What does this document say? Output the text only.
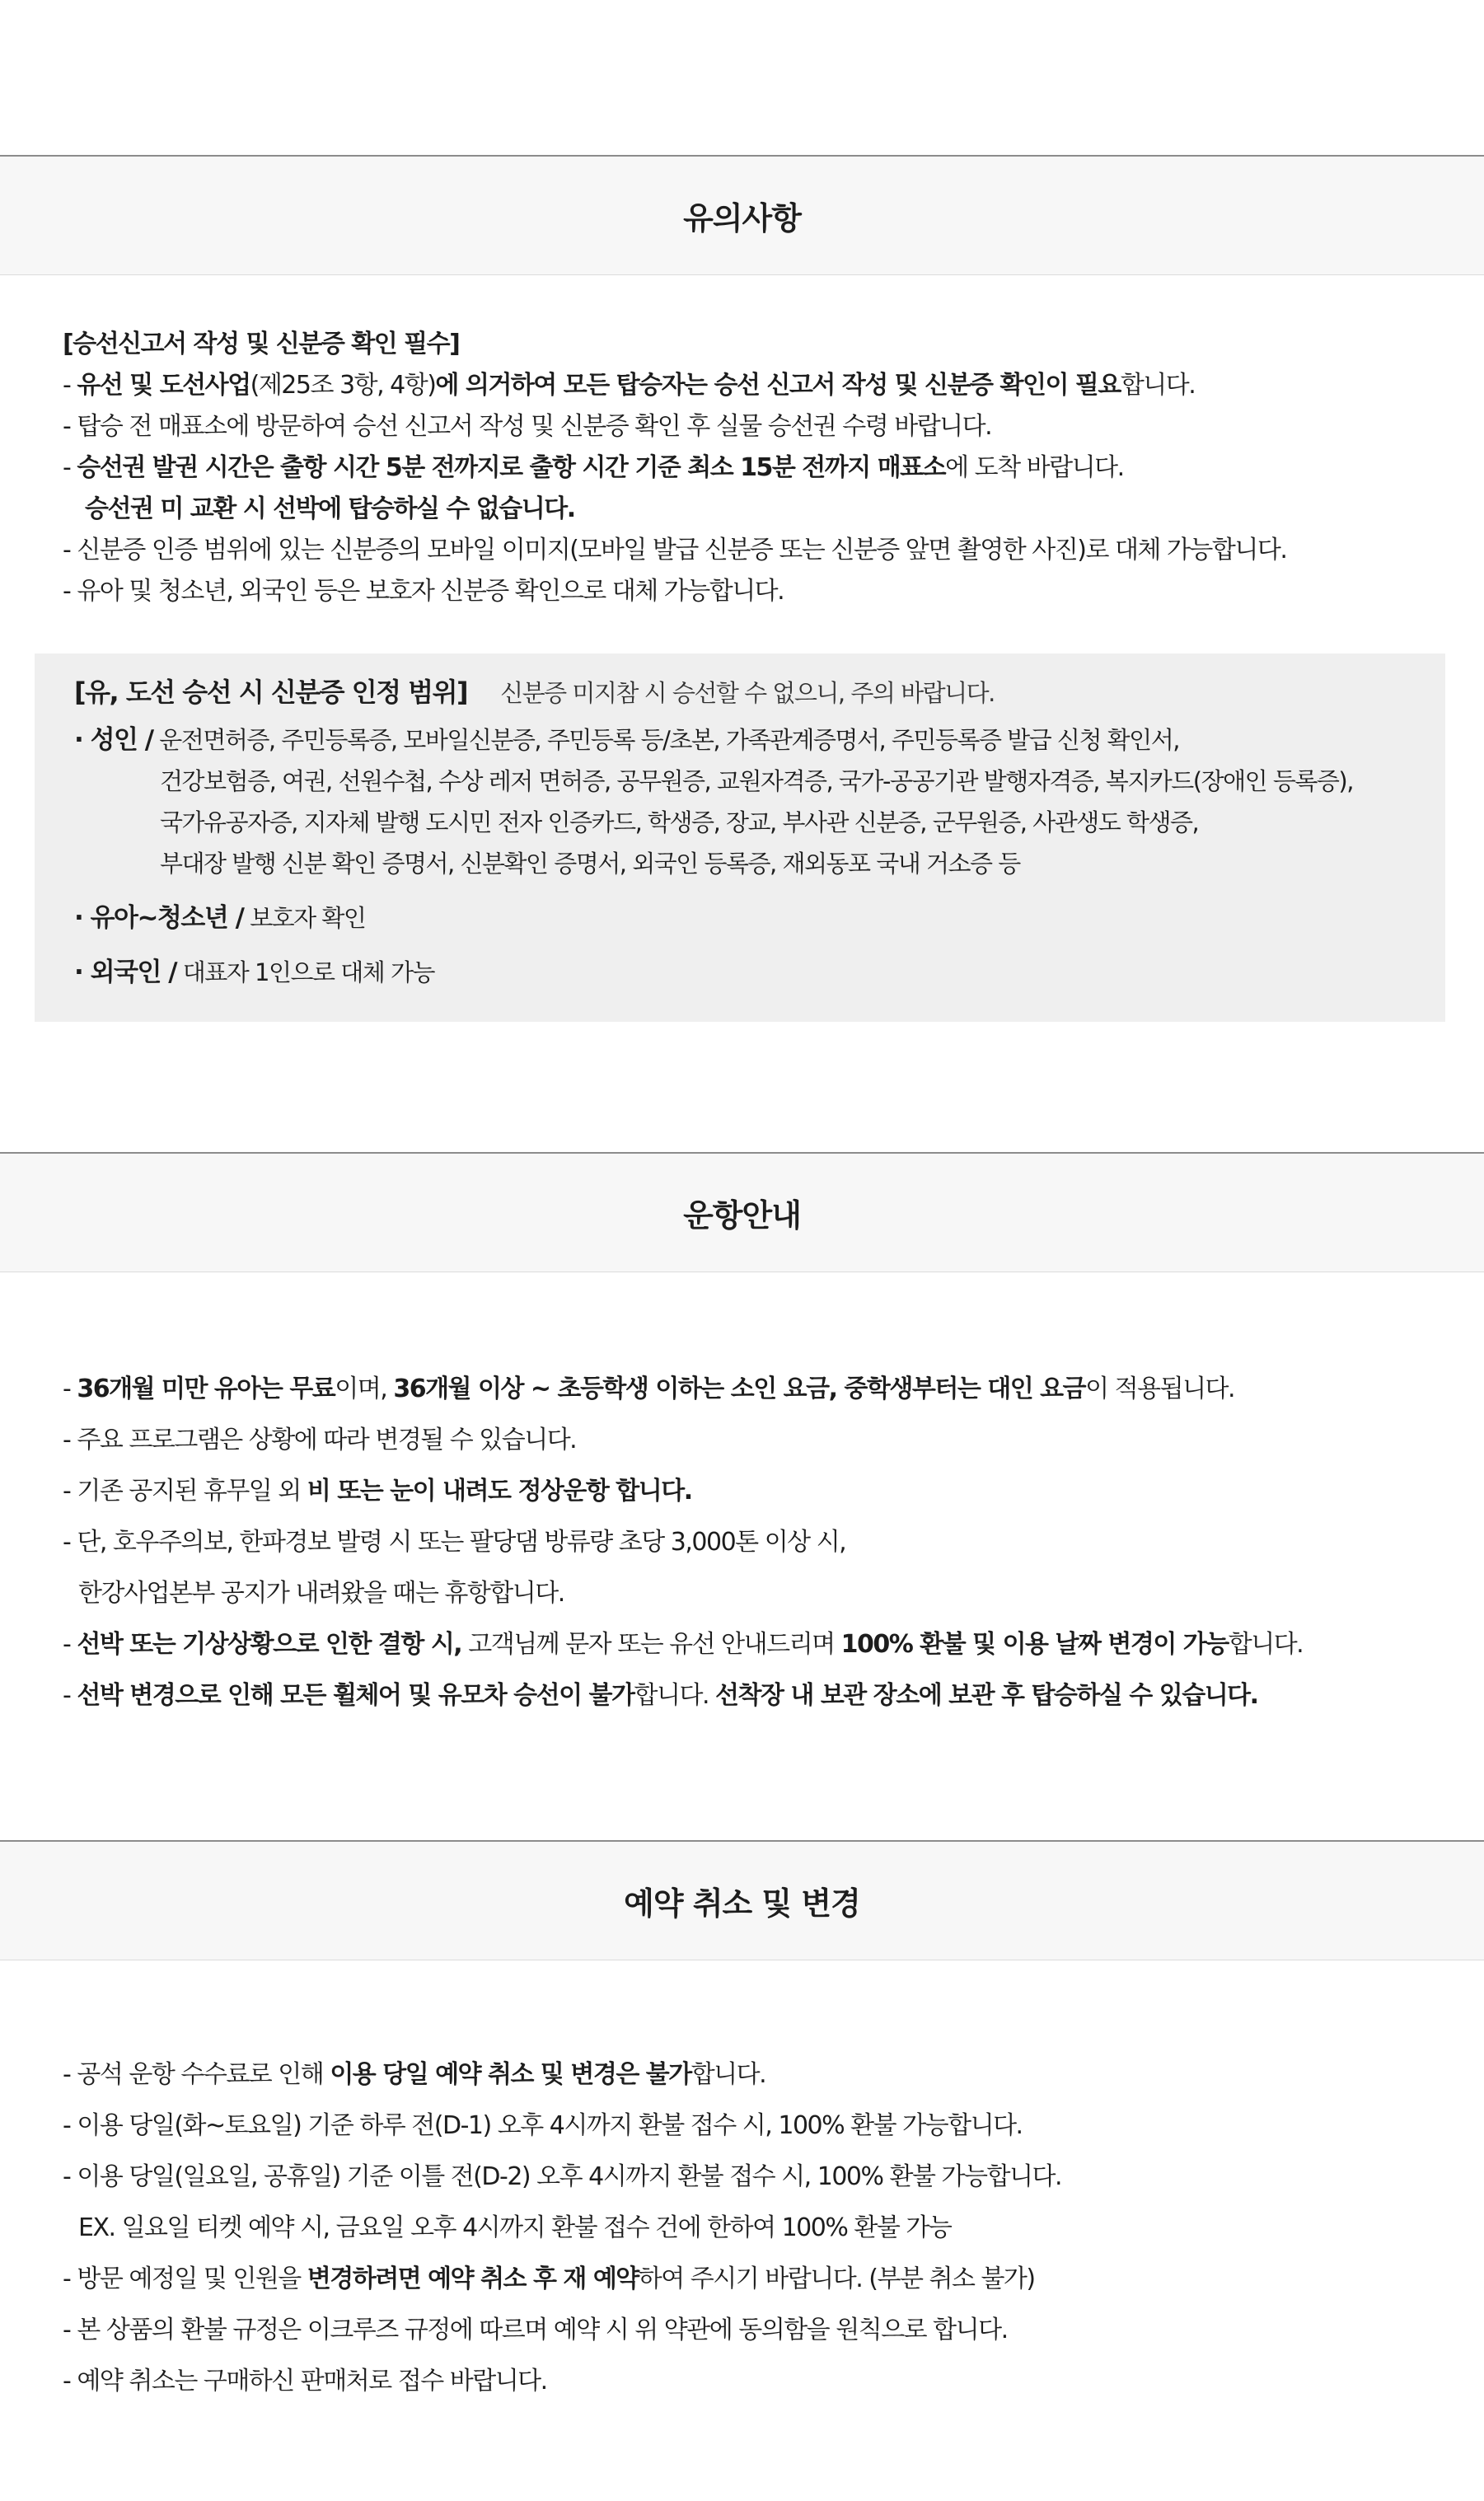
유의사항
[승선신고서 작성 및 신분증 확인 필수]
- 유선 및 도선사업(제25조 3항, 4항)에 의거하여 모든 탑승자는 승선 신고서 작성 및 신분증 확인이 필요합니다.
- 탑승 전 매표소에 방문하여 승선 신고서 작성 및 신분증 확인 후 실물 승선권 수령 바랍니다.
- 승선권 발권 시간은 출항 시간 5분 전까지로 출항 시간 기준 최소 15분 전까지 매표소에 도착 바랍니다.
승선권 미 교환 시 선박에 탑승하실 수 없습니다.
- 신분증 인증 범위에 있는 신분증의 모바일 이미지(모바일 발급 신분증 또는 신분증 앞면 촬영한 사진)로 대체 가능합니다.
- 유아 및 청소년, 외국인 등은 보호자 신분증 확인으로 대체 가능합니다.
[유, 도선 승선 시 신분증 인정 범위] 신분증 미지참 시 승선할 수 없으니, 주의 바랍니다.
· 성인 / 운전면허증, 주민등록증, 모바일신분증, 주민등록 등/초본, 가족관계증명서, 주민등록증 발급 신청 확인서,
건강보험증, 여권, 선원수첩, 수상 레저 면허증, 공무원증, 교원자격증, 국가-공공기관 발행자격증, 복지카드(장애인 등록증),
국가유공자증, 지자체 발행 도시민 전자 인증카드, 학생증, 장교, 부사관 신분증, 군무원증, 사관생도 학생증,
부대장 발행 신분 확인 증명서, 신분확인 증명서, 외국인 등록증, 재외동포 국내 거소증 등
· 유아~청소년 / 보호자 확인
· 외국인 / 대표자 1인으로 대체 가능
운항안내
- 36개월 미만 유아는 무료이며, 36개월 이상 ~ 초등학생 이하는 소인 요금, 중학생부터는 대인 요금이 적용됩니다.
- 주요 프로그램은 상황에 따라 변경될 수 있습니다.
- 기존 공지된 휴무일 외 비 또는 눈이 내려도 정상운항 합니다.
- 단, 호우주의보, 한파경보 발령 시 또는 팔당댐 방류량 초당 3,000톤 이상 시,
한강사업본부 공지가 내려왔을 때는 휴항합니다.
- 선박 또는 기상상황으로 인한 결항 시, 고객님께 문자 또는 유선 안내드리며 100% 환불 및 이용 날짜 변경이 가능합니다.
- 선박 변경으로 인해 모든 휠체어 및 유모차 승선이 불가합니다. 선착장 내 보관 장소에 보관 후 탑승하실 수 있습니다.
예약 취소 및 변경
- 공석 운항 수수료로 인해 이용 당일 예약 취소 및 변경은 불가합니다.
- 이용 당일(화~토요일) 기준 하루 전(D-1) 오후 4시까지 환불 접수 시, 100% 환불 가능합니다.
- 이용 당일(일요일, 공휴일) 기준 이틀 전(D-2) 오후 4시까지 환불 접수 시, 100% 환불 가능합니다.
EX. 일요일 티켓 예약 시, 금요일 오후 4시까지 환불 접수 건에 한하여 100% 환불 가능
- 방문 예정일 및 인원을 변경하려면 예약 취소 후 재 예약하여 주시기 바랍니다. (부분 취소 불가)
- 본 상품의 환불 규정은 이크루즈 규정에 따르며 예약 시 위 약관에 동의함을 원칙으로 합니다.
- 예약 취소는 구매하신 판매처로 접수 바랍니다.
